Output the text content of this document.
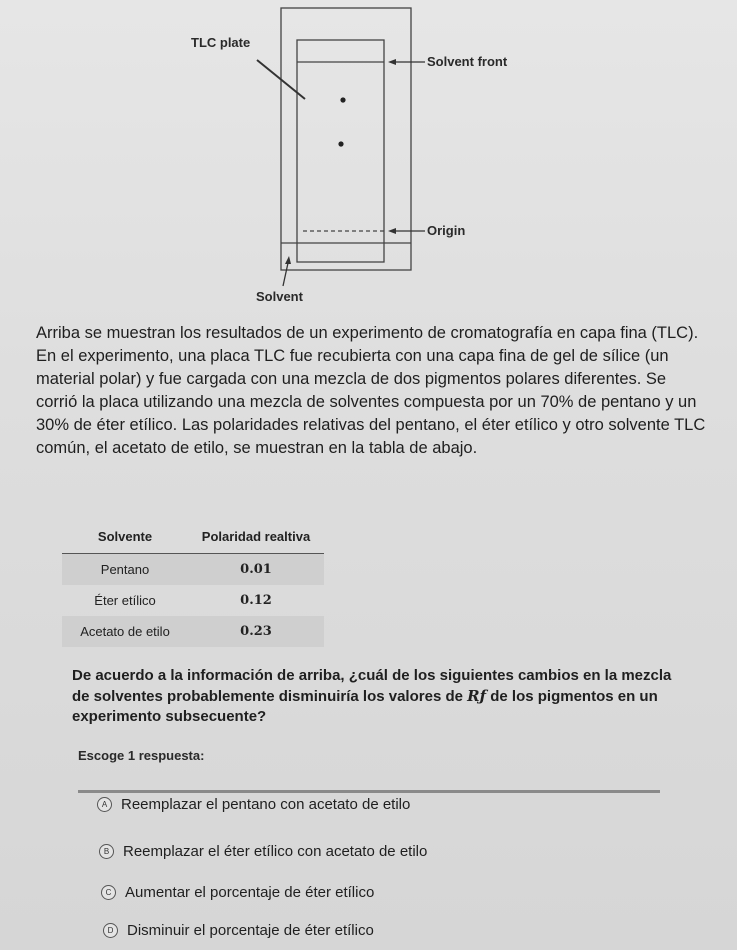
TLC plate
Solvent front
Origin
Solvent

Arriba se muestran los resultados de un experimento de cromatografía en capa fina (TLC). En el experimento, una placa TLC fue recubierta con una capa fina de gel de sílice (un material polar) y fue cargada con una mezcla de dos pigmentos polares diferentes. Se corrió la placa utilizando una mezcla de solventes compuesta por un 70% de pentano y un 30% de éter etílico. Las polaridades relativas del pentano, el éter etílico y otro solvente TLC común, el acetato de etilo, se muestran en la tabla de abajo.

Solvente	Polaridad realtiva
Pentano	0.01
Éter etílico	0.12
Acetato de etilo	0.23
De acuerdo a la información de arriba, ¿cuál de los siguientes cambios en la mezcla de solventes probablemente disminuiría los valores de Rƒ de los pigmentos en un experimento subsecuente?
Escoge 1 respuesta:
A Reemplazar el pentano con acetato de etilo
B Reemplazar el éter etílico con acetato de etilo
C Aumentar el porcentaje de éter etílico
D Disminuir el porcentaje de éter etílico
